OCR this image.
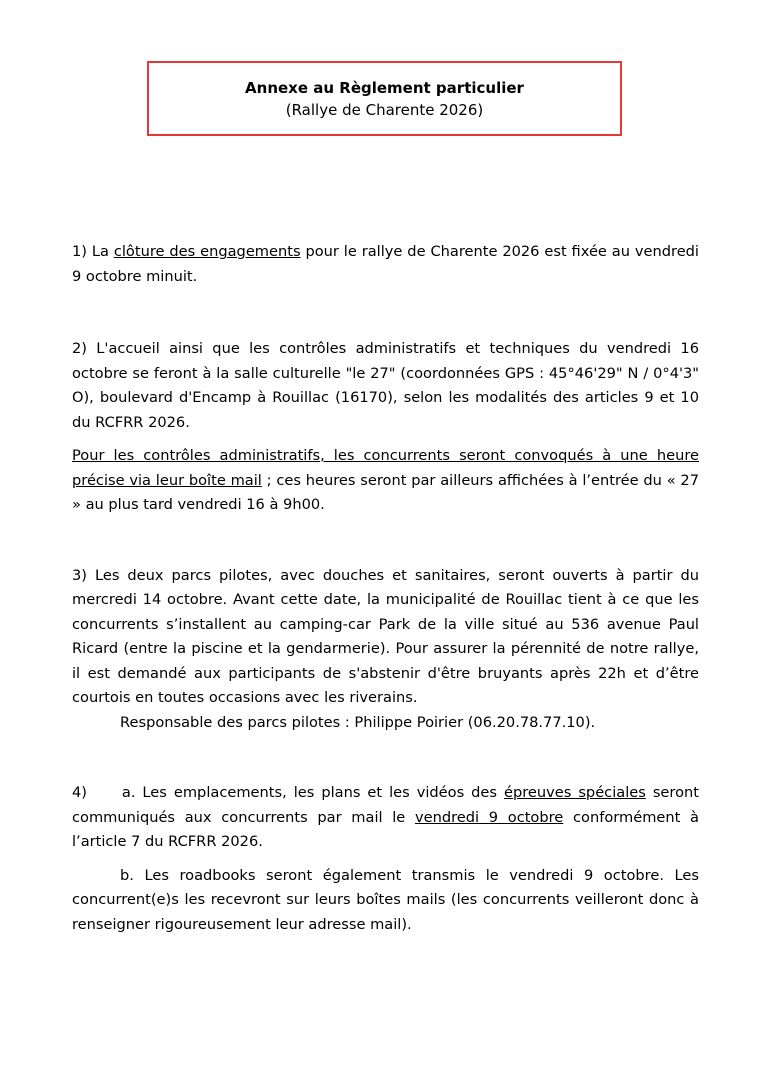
Annexe au Règlement particulier
(Rallye de Charente 2026)

1) La clôture des engagements pour le rallye de Charente 2026 est fixée au vendredi 9 octobre minuit.

2) L'accueil ainsi que les contrôles administratifs et techniques du vendredi 16 octobre se feront à la salle culturelle "le 27" (coordonnées GPS : 45°46'29" N / 0°4'3" O), boulevard d'Encamp à Rouillac (16170), selon les modalités des articles 9 et 10 du RCFRR 2026.

Pour les contrôles administratifs, les concurrents seront convoqués à une heure précise via leur boîte mail ; ces heures seront par ailleurs affichées à l’entrée du « 27 » au plus tard vendredi 16 à 9h00.

3) Les deux parcs pilotes, avec douches et sanitaires, seront ouverts à partir du mercredi 14 octobre. Avant cette date, la municipalité de Rouillac tient à ce que les concurrents s’installent au camping-car Park de la ville situé au 536 avenue Paul Ricard (entre la piscine et la gendarmerie). Pour assurer la pérennité de notre rallye, il est demandé aux participants de s'abstenir d'être bruyants après 22h et d’être courtois en toutes occasions avec les riverains.

Responsable des parcs pilotes : Philippe Poirier (06.20.78.77.10).

4)     a. Les emplacements, les plans et les vidéos des épreuves spéciales seront communiqués aux concurrents par mail le vendredi 9 octobre conformément à l’article 7 du RCFRR 2026.

b. Les roadbooks seront également transmis le vendredi 9 octobre. Les concurrent(e)s les recevront sur leurs boîtes mails (les concurrents veilleront donc à renseigner rigoureusement leur adresse mail).
